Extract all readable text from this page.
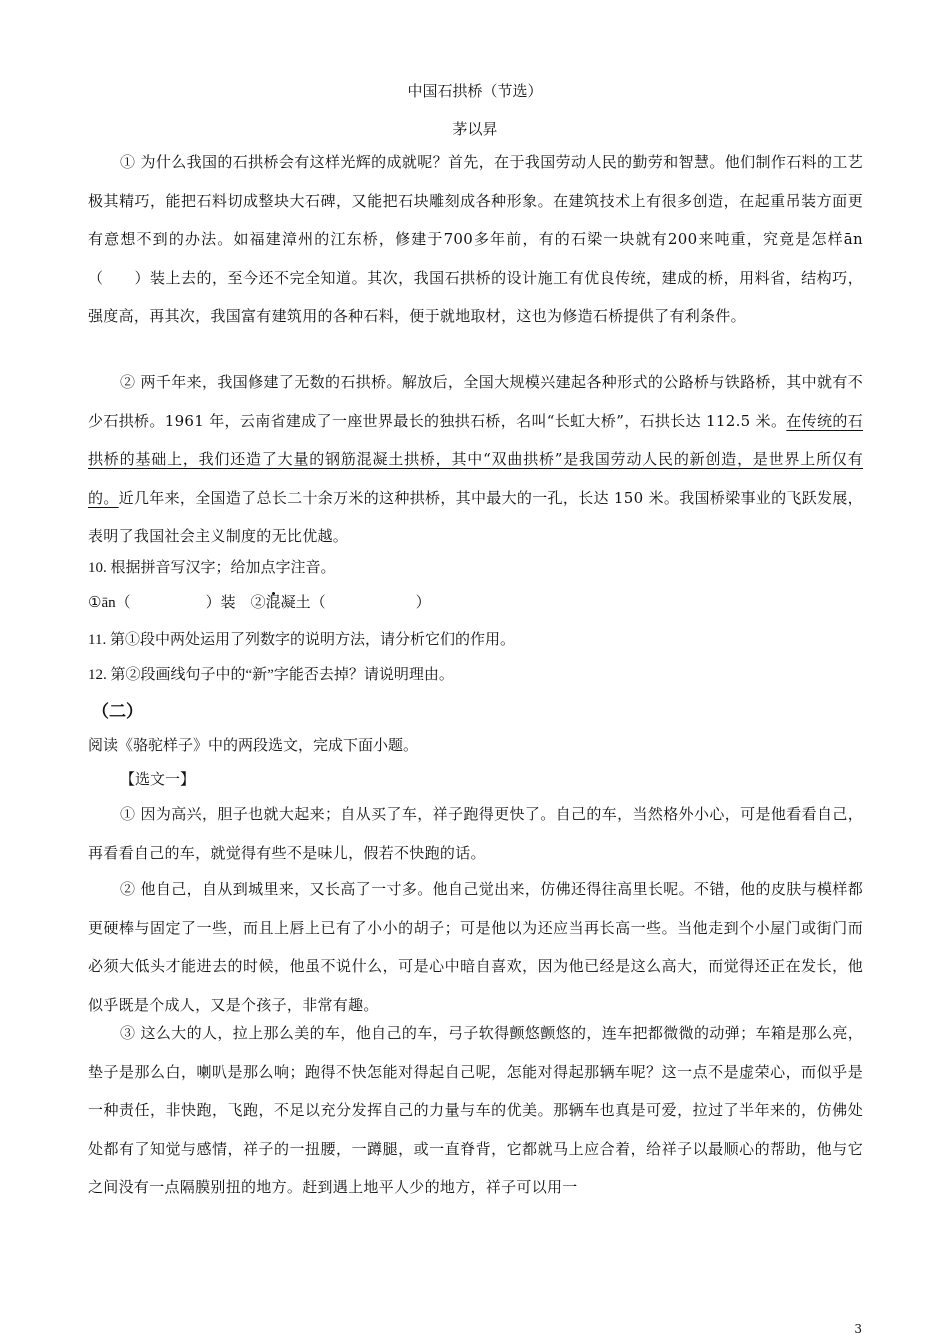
中国石拱桥（节选）
茅以昇
① 为什么我国的石拱桥会有这样光辉的成就呢？首先，在于我国劳动人民的勤劳和智慧。他们制作石料的工艺极其精巧，能把石料切成整块大石碑，又能把石块雕刻成各种形象。在建筑技术上有很多创造，在起重吊装方面更有意想不到的办法。如福建漳州的江东桥，修建于700多年前，有的石梁一块就有200来吨重，究竟是怎样ān（　　）装上去的，至今还不完全知道。其次，我国石拱桥的设计施工有优良传统，建成的桥，用料省，结构巧，强度高，再其次，我国富有建筑用的各种石料，便于就地取材，这也为修造石桥提供了有利条件。
② 两千年来，我国修建了无数的石拱桥。解放后，全国大规模兴建起各种形式的公路桥与铁路桥，其中就有不少石拱桥。1961 年，云南省建成了一座世界最长的独拱石桥，名叫“长虹大桥”，石拱长达 112.5 米。在传统的石拱桥的基础上，我们还造了大量的钢筋混凝土拱桥，其中“双曲拱桥”是我国劳动人民的新创造，是世界上所仅有的。近几年来，全国造了总长二十余万米的这种拱桥，其中最大的一孔，长达 150 米。我国桥梁事业的飞跃发展，表明了我国社会主义制度的无比优越。
10. 根据拼音写汉字；给加点字注音。
①ān（　　　　　）装　 ②混凝土（　　　　　　）
11. 第①段中两处运用了列数字的说明方法，请分析它们的作用。
12. 第②段画线句子中的“新”字能否去掉？请说明理由。
（二）
阅读《骆驼样子》中的两段选文，完成下面小题。
【选文一】
① 因为高兴，胆子也就大起来；自从买了车，祥子跑得更快了。自己的车，当然格外小心，可是他看看自己，再看看自己的车，就觉得有些不是味儿，假若不快跑的话。
② 他自己，自从到城里来，又长高了一寸多。他自己觉出来，仿佛还得往高里长呢。不错，他的皮肤与模样都更硬棒与固定了一些，而且上唇上已有了小小的胡子；可是他以为还应当再长高一些。当他走到个小屋门或街门而必须大低头才能进去的时候，他虽不说什么，可是心中暗自喜欢，因为他已经是这么高大，而觉得还正在发长，他似乎既是个成人，又是个孩子，非常有趣。
③ 这么大的人，拉上那么美的车，他自己的车，弓子软得颤悠颤悠的，连车把都微微的动弹；车箱是那么亮，垫子是那么白，喇叭是那么响；跑得不快怎能对得起自己呢，怎能对得起那辆车呢？这一点不是虚荣心，而似乎是一种责任，非快跑，飞跑，不足以充分发挥自己的力量与车的优美。那辆车也真是可爱，拉过了半年来的，仿佛处处都有了知觉与感情，祥子的一扭腰，一蹲腿，或一直脊背，它都就马上应合着，给祥子以最顺心的帮助，他与它之间没有一点隔膜别扭的地方。赶到遇上地平人少的地方，祥子可以用一
3
